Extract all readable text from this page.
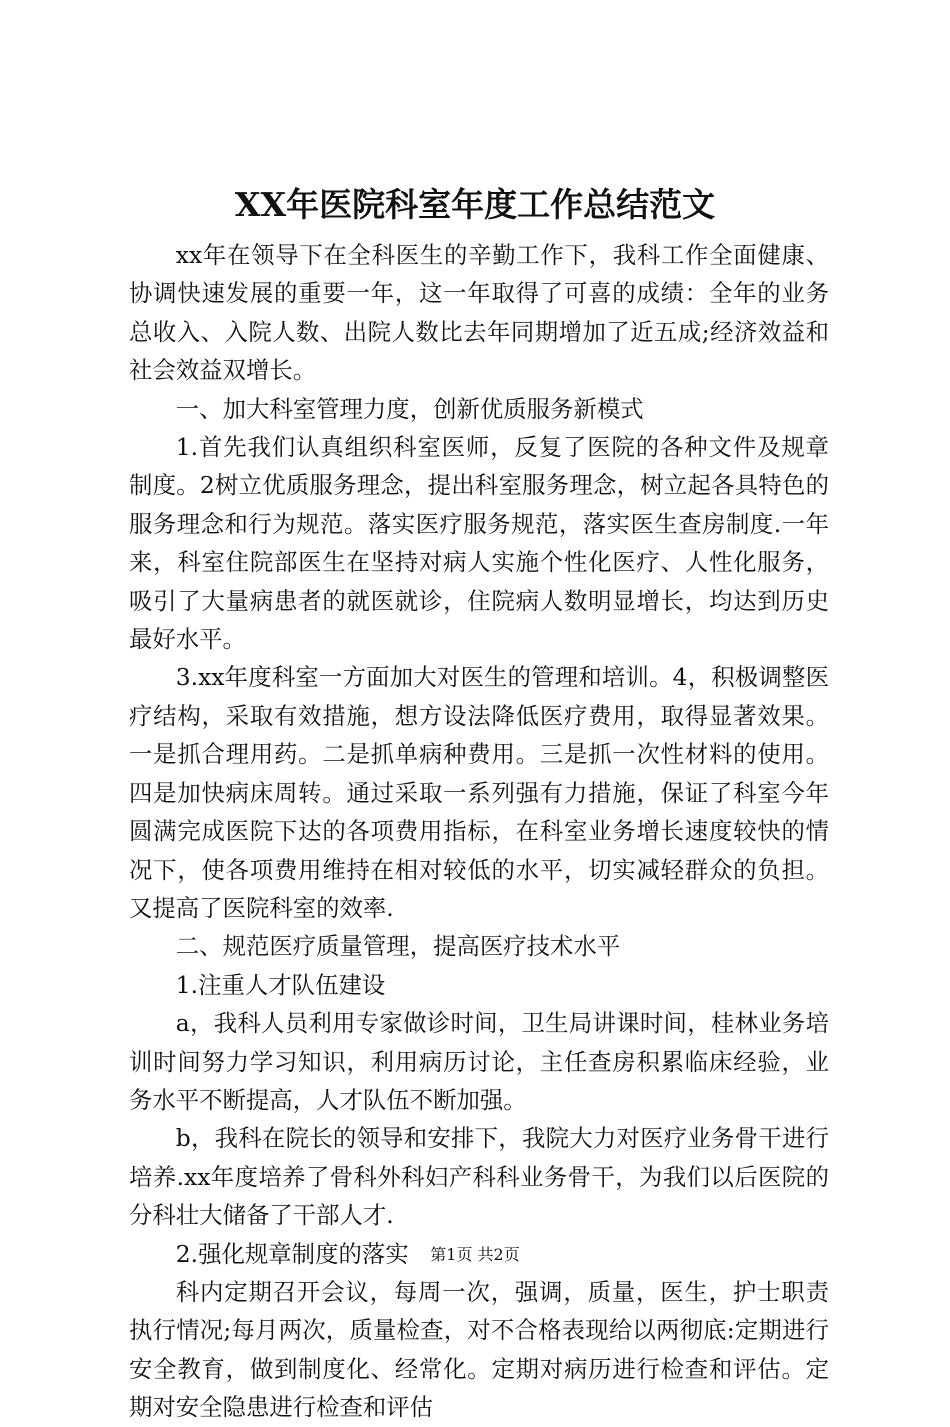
XX年医院科室年度工作总结范文

xx年在领导下在全科医生的辛勤工作下，我科工作全面健康、协调快速发展的重要一年，这一年取得了可喜的成绩：全年的业务总收入、入院人数、出院人数比去年同期增加了近五成;经济效益和社会效益双增长。

一、加大科室管理力度，创新优质服务新模式

1.首先我们认真组织科室医师，反复了医院的各种文件及规章制度。2树立优质服务理念，提出科室服务理念，树立起各具特色的服务理念和行为规范。落实医疗服务规范，落实医生查房制度.一年来，科室住院部医生在坚持对病人实施个性化医疗、人性化服务，吸引了大量病患者的就医就诊，住院病人数明显增长，均达到历史最好水平。

3.xx年度科室一方面加大对医生的管理和培训。4，积极调整医疗结构，采取有效措施，想方设法降低医疗费用，取得显著效果。一是抓合理用药。二是抓单病种费用。三是抓一次性材料的使用。四是加快病床周转。通过采取一系列强有力措施，保证了科室今年圆满完成医院下达的各项费用指标，在科室业务增长速度较快的情况下，使各项费用维持在相对较低的水平，切实减轻群众的负担。又提高了医院科室的效率.

二、规范医疗质量管理，提高医疗技术水平

1.注重人才队伍建设

a，我科人员利用专家做诊时间，卫生局讲课时间，桂林业务培训时间努力学习知识，利用病历讨论，主任查房积累临床经验，业务水平不断提高，人才队伍不断加强。

b，我科在院长的领导和安排下，我院大力对医疗业务骨干进行培养.xx年度培养了骨科外科妇产科科业务骨干，为我们以后医院的分科壮大储备了干部人才.

2.强化规章制度的落实

科内定期召开会议，每周一次，强调，质量，医生，护士职责执行情况;每月两次，质量检查，对不合格表现给以两彻底:定期进行安全教育，做到制度化、经常化。定期对病历进行检查和评估。定期对安全隐患进行检查和评估

第1页 共2页
